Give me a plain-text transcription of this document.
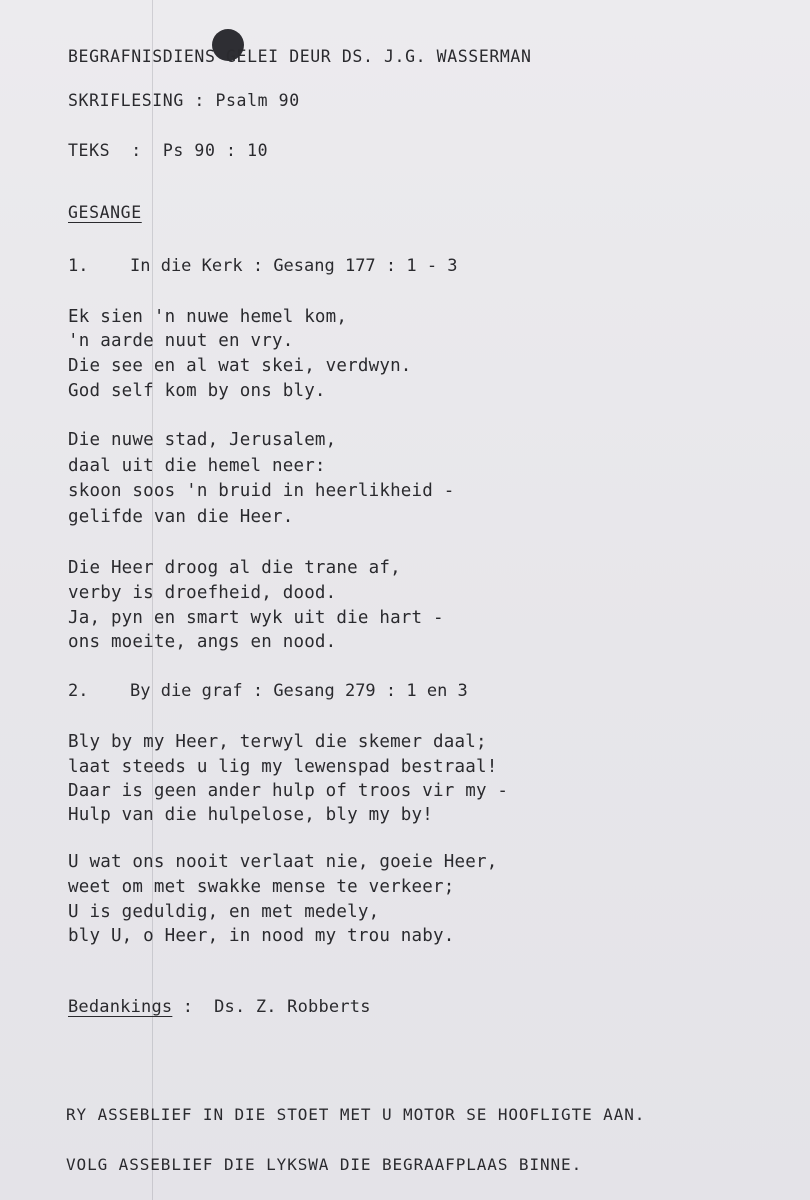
BEGRAFNISDIENS GELEI DEUR DS. J.G. WASSERMAN
SKRIFLESING : Psalm 90
TEKS  :  Ps 90 : 10
GESANGE
1. In die Kerk : Gesang 177 : 1 - 3
Ek sien 'n nuwe hemel kom,
'n aarde nuut en vry.
Die see en al wat skei, verdwyn.
God self kom by ons bly.
Die nuwe stad, Jerusalem,
daal uit die hemel neer:
skoon soos 'n bruid in heerlikheid -
gelifde van die Heer.
Die Heer droog al die trane af,
verby is droefheid, dood.
Ja, pyn en smart wyk uit die hart -
ons moeite, angs en nood.
2. By die graf : Gesang 279 : 1 en 3
Bly by my Heer, terwyl die skemer daal;
laat steeds u lig my lewenspad bestraal!
Daar is geen ander hulp of troos vir my -
Hulp van die hulpelose, bly my by!
U wat ons nooit verlaat nie, goeie Heer,
weet om met swakke mense te verkeer;
U is geduldig, en met medely,
bly U, o Heer, in nood my trou naby.
Bedankings :  Ds. Z. Robberts
RY ASSEBLIEF IN DIE STOET MET U MOTOR SE HOOFLIGTE AAN.
VOLG ASSEBLIEF DIE LYKSWA DIE BEGRAAFPLAAS BINNE.
